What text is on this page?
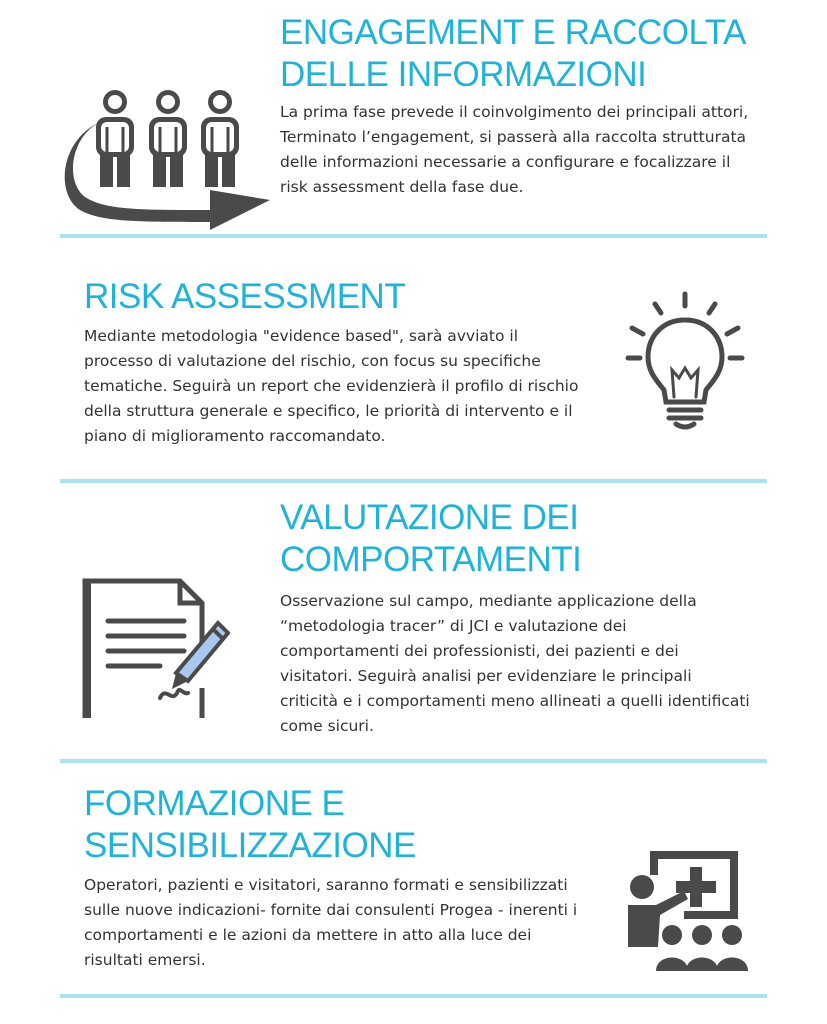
ENGAGEMENT E RACCOLTA
DELLE INFORMAZIONI

La prima fase prevede il coinvolgimento dei principali attori, Terminato l’engagement, si passerà alla raccolta strutturata delle informazioni necessarie a configurare e focalizzare il risk assessment della fase due.

RISK ASSESSMENT

Mediante metodologia "evidence based", sarà avviato il processo di valutazione del rischio, con focus su specifiche tematiche. Seguirà un report che evidenzierà il profilo di rischio della struttura generale e specifico, le priorità di intervento e il piano di miglioramento raccomandato.

VALUTAZIONE DEI
COMPORTAMENTI

Osservazione sul campo, mediante applicazione della “metodologia tracer” di JCI e valutazione dei comportamenti dei professionisti, dei pazienti e dei visitatori. Seguirà analisi per evidenziare le principali criticità e i comportamenti meno allineati a quelli identificati come sicuri.

FORMAZIONE E
SENSIBILIZZAZIONE

Operatori, pazienti e visitatori, saranno formati e sensibilizzati sulle nuove indicazioni- fornite dai consulenti Progea - inerenti i comportamenti e le azioni da mettere in atto alla luce dei risultati emersi.
